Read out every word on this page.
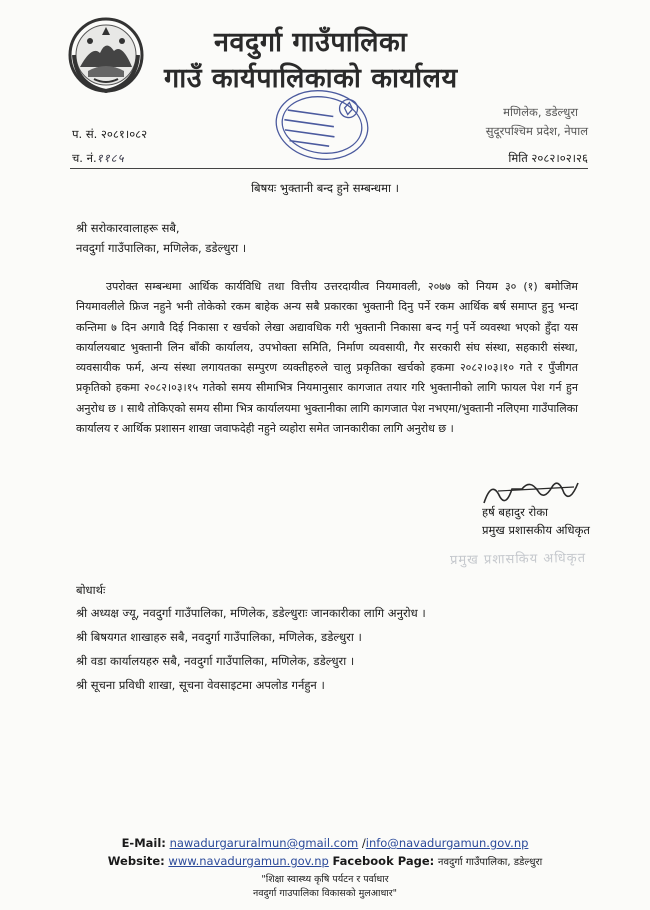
नवदुर्गा गाउँपालिका
गाउँ कार्यपालिकाको कार्यालय
मणिलेक, डडेल्धुरा
सुदूरपश्चिम प्रदेश, नेपाल
प. सं. २०८१।०८२
च. नं.११८५	मिति २०८२।०२।२६
बिषयः भुक्तानी बन्द हुने सम्बन्धमा ।
श्री सरोकारवालाहरू सबै,
नवदुर्गा गाउँपालिका, मणिलेक, डडेल्धुरा ।
उपरोक्त सम्बन्धमा आर्थिक कार्यविधि तथा वित्तीय उत्तरदायीत्व नियमावली, २०७७ को नियम ३० (१) बमोजिम नियमावलीले फ्रिज नहुने भनी तोकेको रकम बाहेक अन्य सबै प्रकारका भुक्तानी दिनु पर्ने रकम आर्थिक बर्ष समाप्त हुनु भन्दा कन्तिमा ७ दिन अगावै दिई निकासा र खर्चको लेखा अद्यावधिक गरी भुक्तानी निकासा बन्द गर्नु पर्ने व्यवस्था भएको हुँदा यस कार्यालयबाट भुक्तानी लिन बाँकी कार्यालय, उपभोक्ता समिति, निर्माण व्यवसायी, गैर सरकारी संघ संस्था, सहकारी संस्था, व्यवसायीक फर्म, अन्य संस्था लगायतका सम्पुरण व्यक्तीहरुले चालु प्रकृतिका खर्चको हकमा २०८२।०३।१० गते र पुँजीगत प्रकृतिको हकमा २०८२।०३।१५ गतेको समय सीमाभित्र नियमानुसार कागजात तयार गरि भुक्तानीको लागि फायल पेश गर्न हुन अनुरोध छ । साथै तोकिएको समय सीमा भित्र कार्यालयमा भुक्तानीका लागि कागजात पेश नभएमा/भुक्तानी नलिएमा गाउँपालिका कार्यालय र आर्थिक प्रशासन शाखा जवाफदेही नहुने व्यहोरा समेत जानकारीका लागि अनुरोध छ ।
हर्ष बहादुर रोका
प्रमुख प्रशासकीय अधिकृत
प्रमुख प्रशासकिय अधिकृत
बोधार्थः
श्री अध्यक्ष ज्यू, नवदुर्गा गाउँपालिका, मणिलेक, डडेल्धुराः जानकारीका लागि अनुरोध ।
श्री बिषयगत शाखाहरु सबै, नवदुर्गा गाउँपालिका, मणिलेक, डडेल्धुरा ।
श्री वडा कार्यालयहरु सबै, नवदुर्गा गाउँपालिका, मणिलेक, डडेल्धुरा ।
श्री सूचना प्रविधी शाखा, सूचना वेवसाइटमा अपलोड गर्नहुन ।
E-Mail: nawadurgaruralmun@gmail.com /info@navadurgamun.gov.np
Website: www.navadurgamun.gov.np Facebook Page: नवदुर्गा गाउँपालिका, डडेल्धुरा
"शिक्षा स्वास्थ्य कृषि पर्यटन र पर्वाधार
नवदुर्गा गाउपालिका विकासको मुलआधार"
